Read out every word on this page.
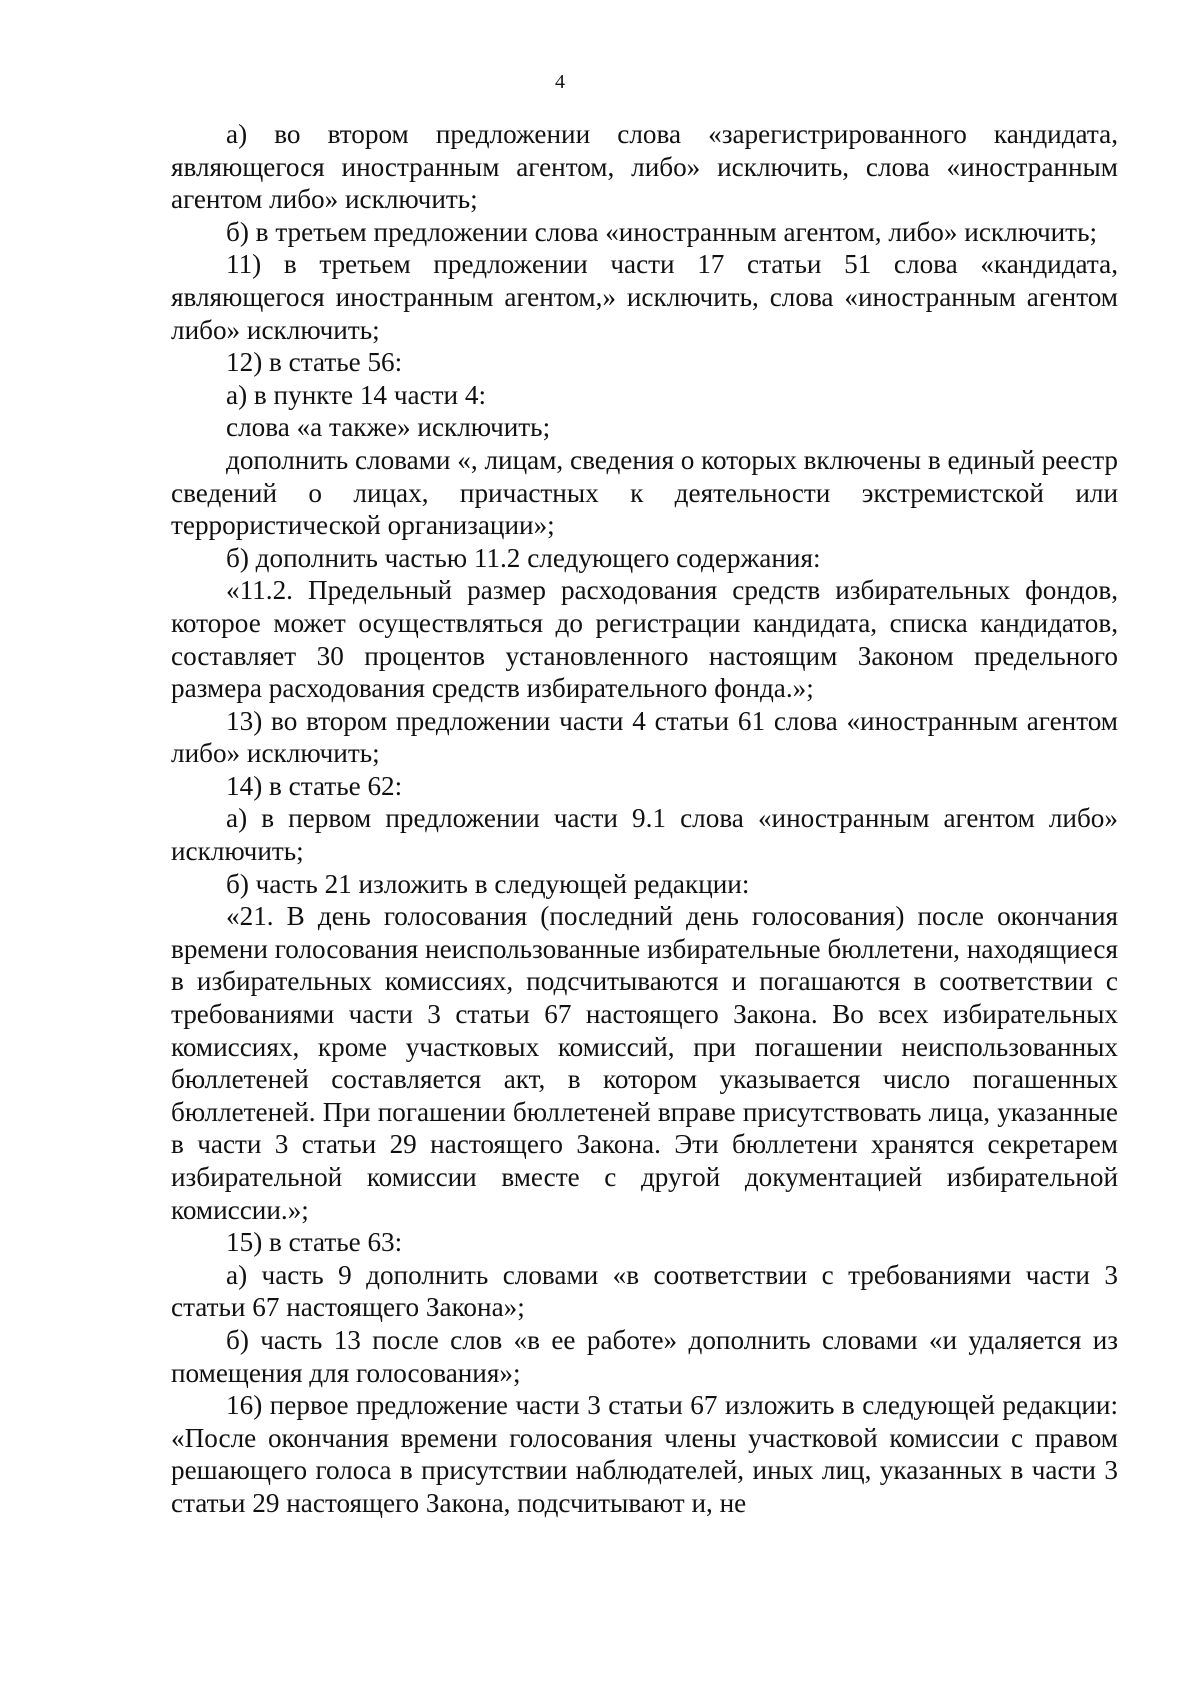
4

а) во втором предложении слова «зарегистрированного кандидата, являющегося иностранным агентом, либо» исключить, слова «иностранным агентом либо» исключить;

б) в третьем предложении слова «иностранным агентом, либо» исключить;

11) в третьем предложении части 17 статьи 51 слова «кандидата, являющегося иностранным агентом,» исключить, слова «иностранным агентом либо» исключить;

12) в статье 56:

а) в пункте 14 части 4:

слова «а также» исключить;

дополнить словами «, лицам, сведения о которых включены в единый реестр сведений о лицах, причастных к деятельности экстремистской или террористической организации»;

б) дополнить частью 11.2 следующего содержания:

«11.2. Предельный размер расходования средств избирательных фондов, которое может осуществляться до регистрации кандидата, списка кандидатов, составляет 30 процентов установленного настоящим Законом предельного размера расходования средств избирательного фонда.»;

13) во втором предложении части 4 статьи 61 слова «иностранным агентом либо» исключить;

14) в статье 62:

а) в первом предложении части 9.1 слова «иностранным агентом либо» исключить;

б) часть 21 изложить в следующей редакции:

«21. В день голосования (последний день голосования) после окончания времени голосования неиспользованные избирательные бюллетени, находящиеся в избирательных комиссиях, подсчитываются и погашаются в соответствии с требованиями части 3 статьи 67 настоящего Закона. Во всех избирательных комиссиях, кроме участковых комиссий, при погашении неиспользованных бюллетеней составляется акт, в котором указывается число погашенных бюллетеней. При погашении бюллетеней вправе присутствовать лица, указанные в части 3 статьи 29 настоящего Закона. Эти бюллетени хранятся секретарем избирательной комиссии вместе с другой документацией избирательной комиссии.»;

15) в статье 63:

а) часть 9 дополнить словами «в соответствии с требованиями части 3 статьи 67 настоящего Закона»;

б) часть 13 после слов «в ее работе» дополнить словами «и удаляется из помещения для голосования»;

16) первое предложение части 3 статьи 67 изложить в следующей редакции: «После окончания времени голосования члены участковой комиссии с правом решающего голоса в присутствии наблюдателей, иных лиц, указанных в части 3 статьи 29 настоящего Закона, подсчитывают и, не
